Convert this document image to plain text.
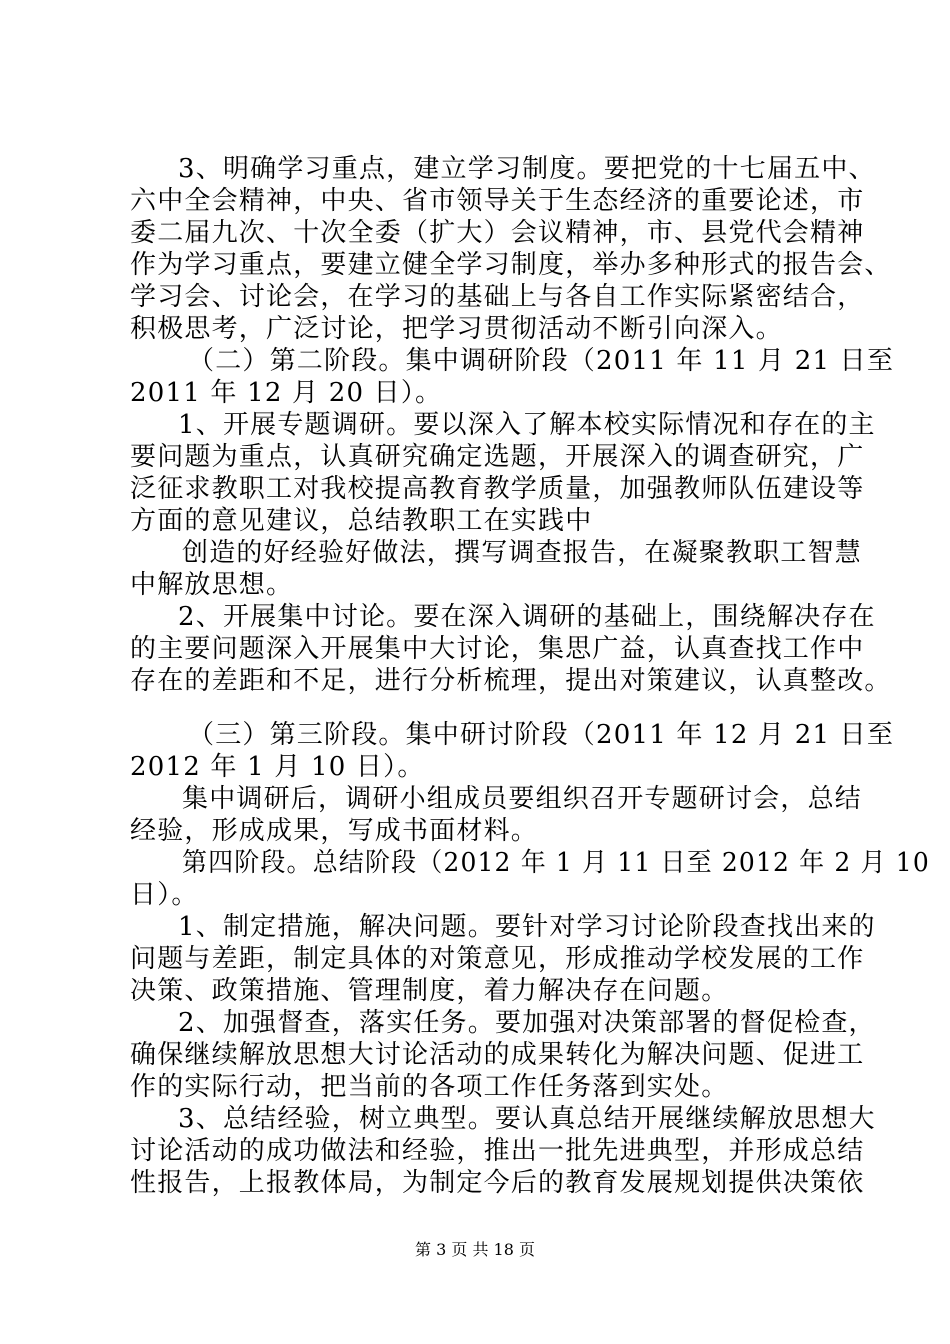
3、明确学习重点，建立学习制度。要把党的十七届五中、
六中全会精神，中央、省市领导关于生态经济的重要论述，市
委二届九次、十次全委（扩大）会议精神，市、县党代会精神
作为学习重点，要建立健全学习制度，举办多种形式的报告会、
学习会、讨论会，在学习的基础上与各自工作实际紧密结合，
积极思考，广泛讨论，把学习贯彻活动不断引向深入。
（二）第二阶段。集中调研阶段（2011 年 11 月 21 日至
2011 年 12 月 20 日）。
1、开展专题调研。要以深入了解本校实际情况和存在的主
要问题为重点，认真研究确定选题，开展深入的调查研究，广
泛征求教职工对我校提高教育教学质量，加强教师队伍建设等
方面的意见建议，总结教职工在实践中
创造的好经验好做法，撰写调查报告，在凝聚教职工智慧
中解放思想。
2、开展集中讨论。要在深入调研的基础上，围绕解决存在
的主要问题深入开展集中大讨论，集思广益，认真查找工作中
存在的差距和不足，进行分析梳理，提出对策建议，认真整改。
（三）第三阶段。集中研讨阶段（2011 年 12 月 21 日至
2012 年 1 月 10 日）。
集中调研后，调研小组成员要组织召开专题研讨会，总结
经验，形成成果，写成书面材料。
第四阶段。总结阶段（2012 年 1 月 11 日至 2012 年 2 月 10
日）。
1、制定措施，解决问题。要针对学习讨论阶段查找出来的
问题与差距，制定具体的对策意见，形成推动学校发展的工作
决策、政策措施、管理制度，着力解决存在问题。
2、加强督查，落实任务。要加强对决策部署的督促检查，
确保继续解放思想大讨论活动的成果转化为解决问题、促进工
作的实际行动，把当前的各项工作任务落到实处。
3、总结经验，树立典型。要认真总结开展继续解放思想大
讨论活动的成功做法和经验，推出一批先进典型，并形成总结
性报告，上报教体局，为制定今后的教育发展规划提供决策依
第 3 页 共 18 页
